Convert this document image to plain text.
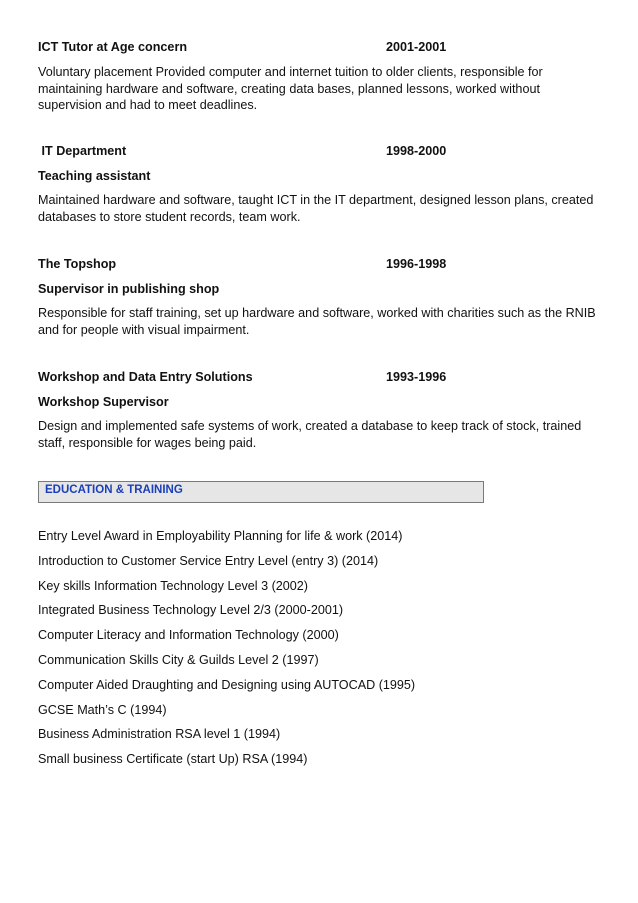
ICT Tutor at Age concern	2001-2001
Voluntary placement Provided computer and internet tuition to older clients, responsible for maintaining hardware and software, creating data bases, planned lessons, worked without supervision and had to meet deadlines.
IT Department	1998-2000
Teaching assistant
Maintained hardware and software, taught ICT in the IT department, designed lesson plans, created databases to store student records, team work.
The Topshop	1996-1998
Supervisor in publishing shop
Responsible for staff training, set up hardware and software, worked with charities such as the RNIB and for people with visual impairment.
Workshop and Data Entry Solutions	1993-1996
Workshop Supervisor
Design and implemented safe systems of work, created a database to keep track of stock, trained staff, responsible for wages being paid.
EDUCATION & TRAINING
Entry Level Award in Employability Planning for life & work (2014)
Introduction to Customer Service Entry Level (entry 3) (2014)
Key skills Information Technology Level 3 (2002)
Integrated Business Technology Level 2/3 (2000-2001)
Computer Literacy and Information Technology (2000)
Communication Skills City & Guilds Level 2 (1997)
Computer Aided Draughting and Designing using AUTOCAD (1995)
GCSE Math’s C (1994)
Business Administration RSA level 1 (1994)
Small business Certificate (start Up) RSA (1994)
